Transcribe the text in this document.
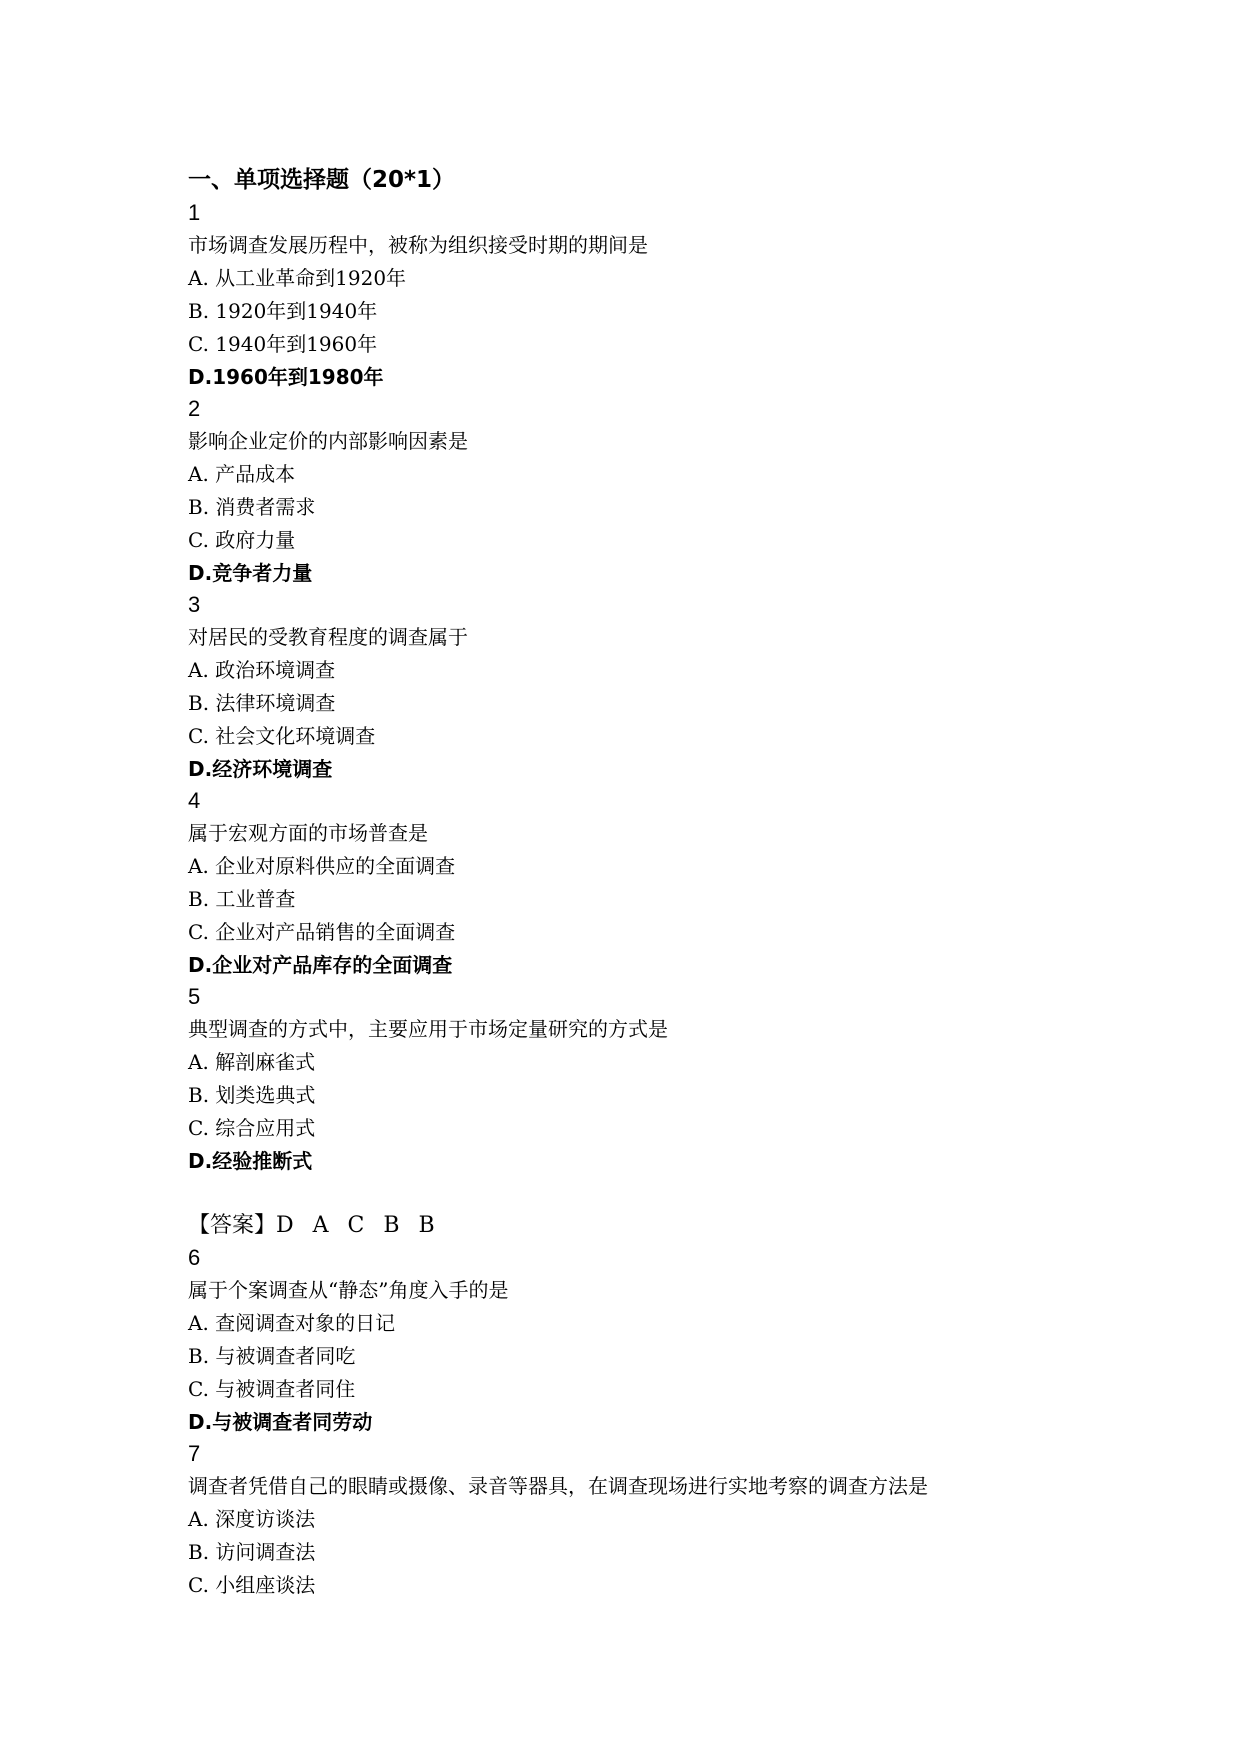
一、单项选择题（20*1）
1
市场调查发展历程中，被称为组织接受时期的期间是
A. 从工业革命到1920年
B. 1920年到1940年
C. 1940年到1960年
D.1960年到1980年
2
影响企业定价的内部影响因素是
A. 产品成本
B. 消费者需求
C. 政府力量
D.竞争者力量
3
对居民的受教育程度的调查属于
A. 政治环境调查
B. 法律环境调查
C. 社会文化环境调查
D.经济环境调查
4
属于宏观方面的市场普查是
A. 企业对原料供应的全面调查
B. 工业普查
C. 企业对产品销售的全面调查
D.企业对产品库存的全面调查
5
典型调查的方式中，主要应用于市场定量研究的方式是
A. 解剖麻雀式
B. 划类选典式
C. 综合应用式
D.经验推断式
【答案】D A C B B
6
属于个案调查从“静态”角度入手的是
A. 查阅调查对象的日记
B. 与被调查者同吃
C. 与被调查者同住
D.与被调查者同劳动
7
调查者凭借自己的眼睛或摄像、录音等器具，在调查现场进行实地考察的调查方法是
A. 深度访谈法
B. 访问调查法
C. 小组座谈法
